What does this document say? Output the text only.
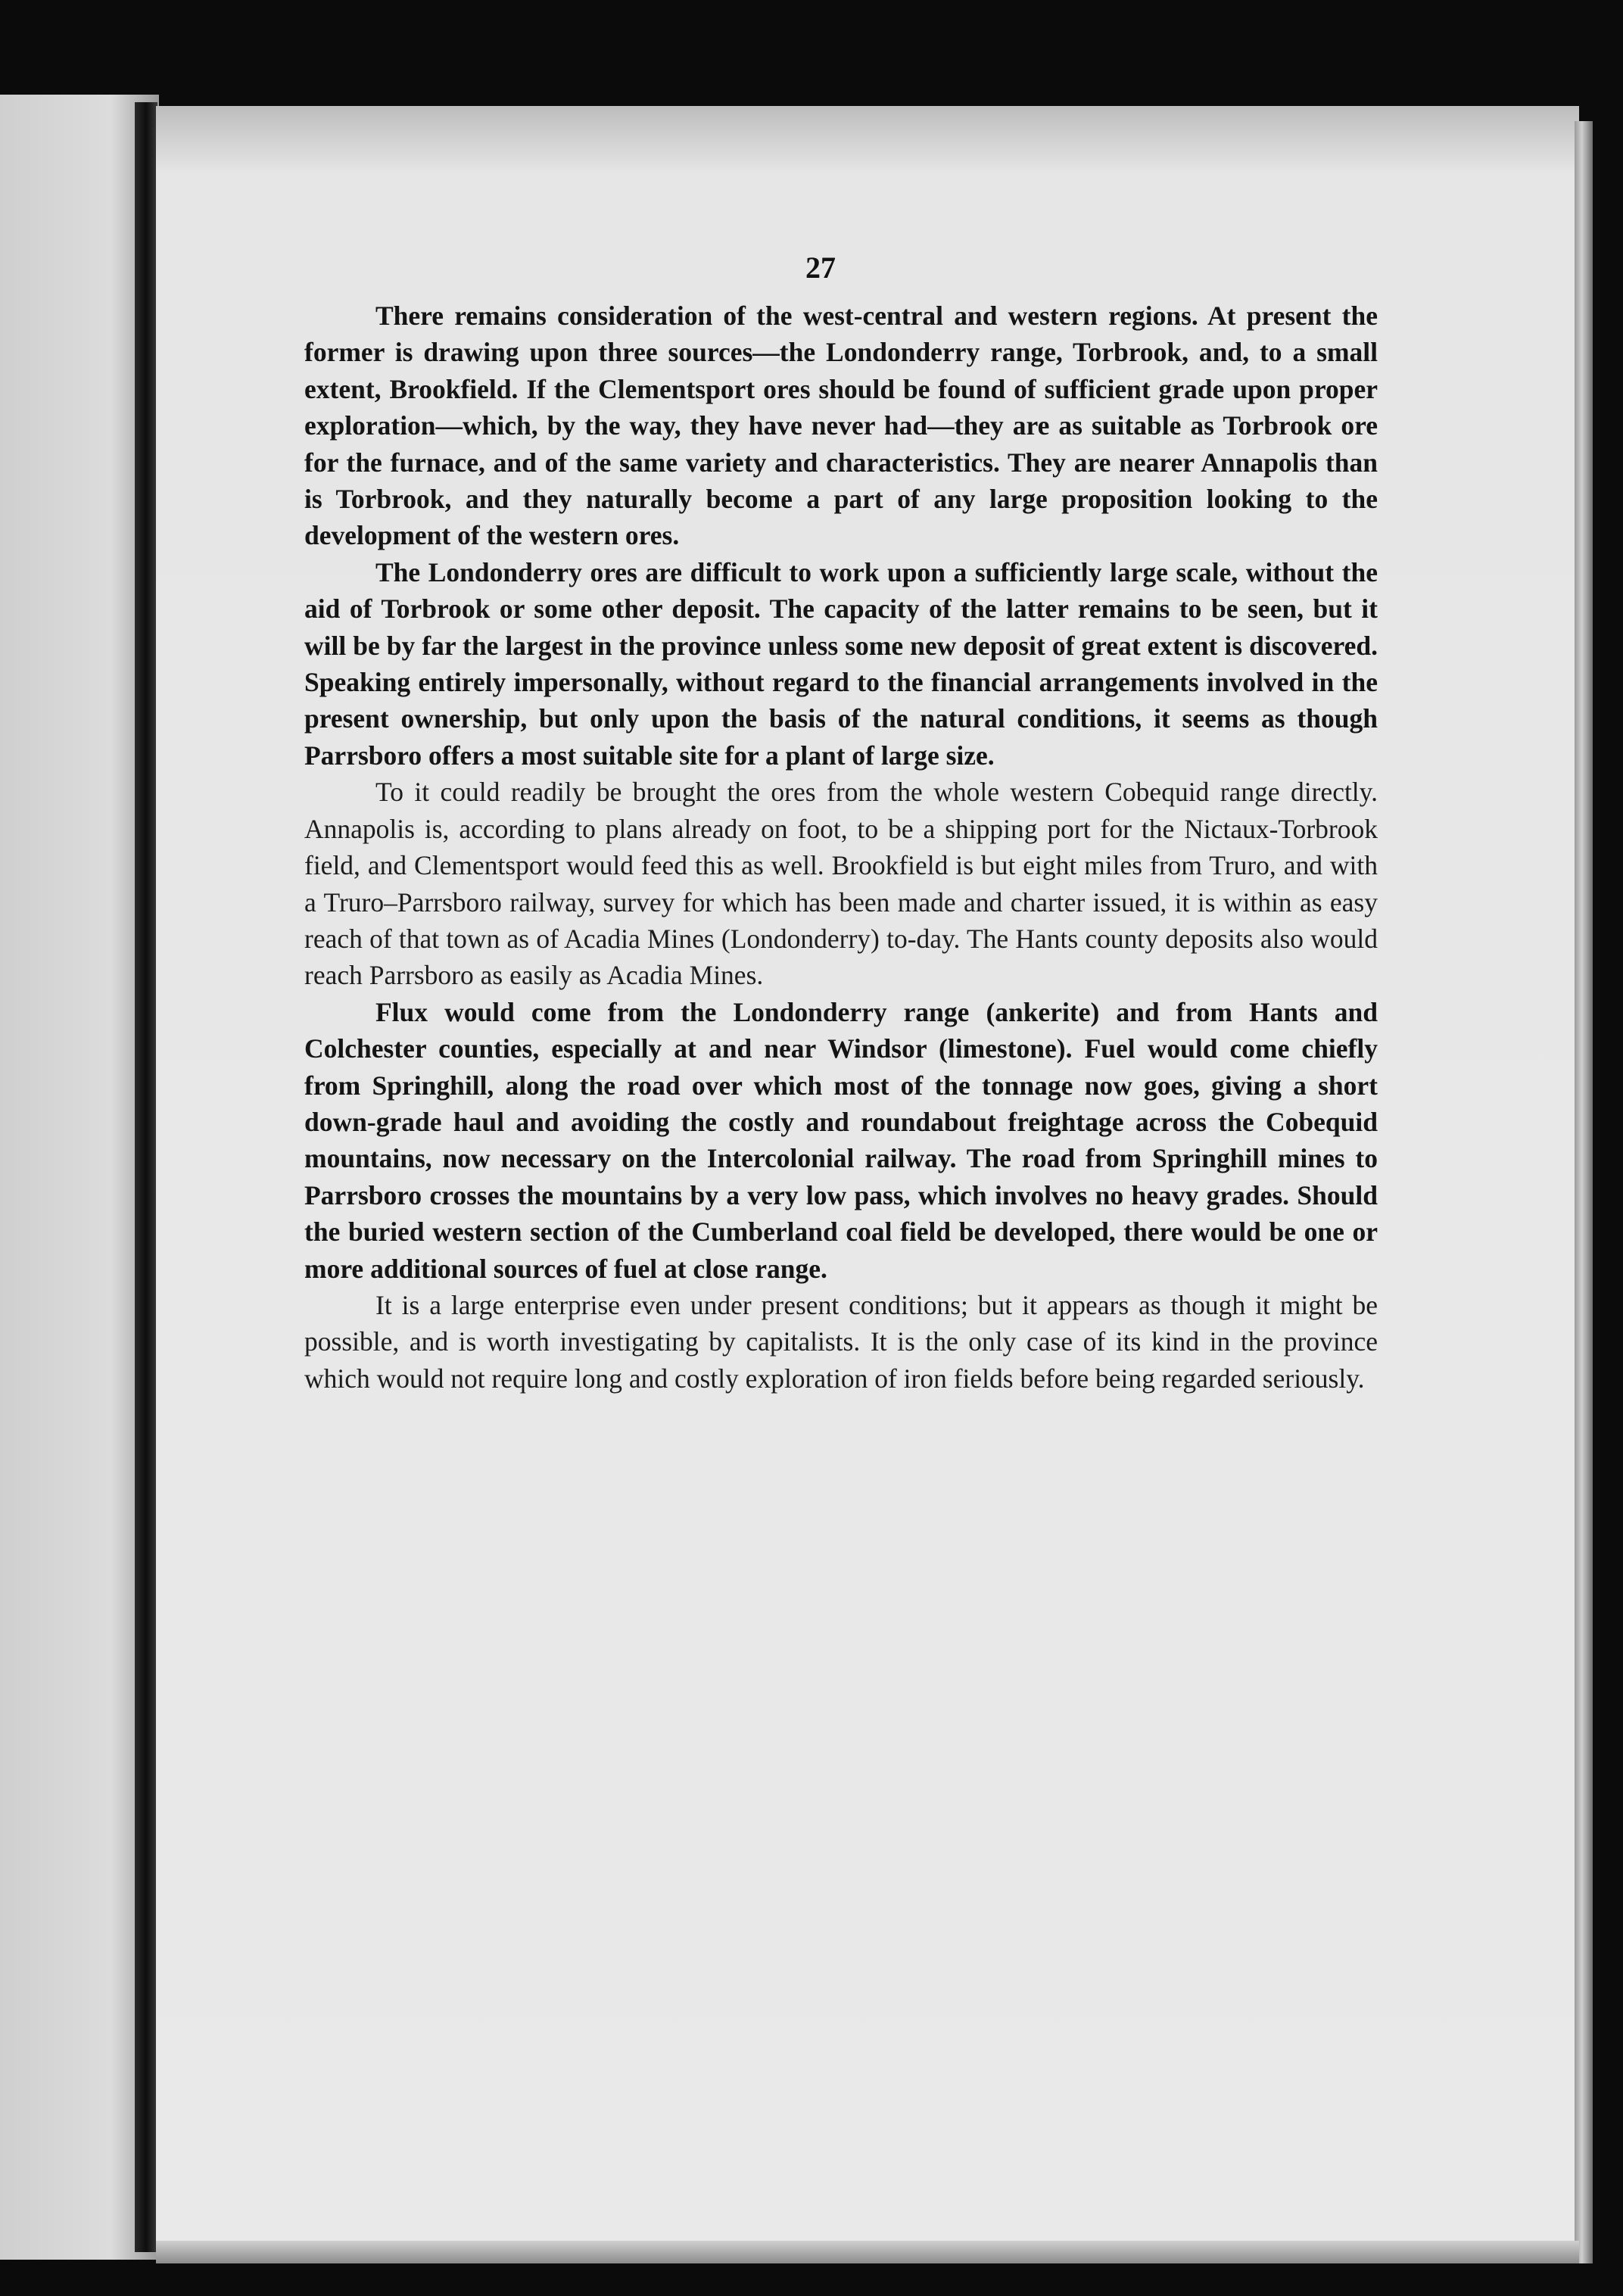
27

There remains consideration of the west-central and western regions. At present the former is drawing upon three sources—the Londonderry range, Torbrook, and, to a small extent, Brookfield. If the Clementsport ores should be found of sufficient grade upon proper exploration—which, by the way, they have never had—they are as suitable as Torbrook ore for the furnace, and of the same variety and characteristics. They are nearer Annapolis than is Torbrook, and they naturally become a part of any large proposition looking to the development of the western ores.

The Londonderry ores are difficult to work upon a sufficiently large scale, without the aid of Torbrook or some other deposit. The capacity of the latter remains to be seen, but it will be by far the largest in the province unless some new deposit of great extent is discovered. Speaking entirely impersonally, without regard to the financial arrangements involved in the present ownership, but only upon the basis of the natural conditions, it seems as though Parrsboro offers a most suitable site for a plant of large size.

To it could readily be brought the ores from the whole western Cobequid range directly. Annapolis is, according to plans already on foot, to be a shipping port for the Nictaux-Torbrook field, and Clementsport would feed this as well. Brookfield is but eight miles from Truro, and with a Truro–Parrsboro railway, survey for which has been made and charter issued, it is within as easy reach of that town as of Acadia Mines (Londonderry) to-day. The Hants county deposits also would reach Parrsboro as easily as Acadia Mines.

Flux would come from the Londonderry range (ankerite) and from Hants and Colchester counties, especially at and near Windsor (limestone). Fuel would come chiefly from Springhill, along the road over which most of the tonnage now goes, giving a short down-grade haul and avoiding the costly and roundabout freightage across the Cobequid mountains, now necessary on the Intercolonial railway. The road from Springhill mines to Parrsboro crosses the mountains by a very low pass, which involves no heavy grades. Should the buried western section of the Cumberland coal field be developed, there would be one or more additional sources of fuel at close range.

It is a large enterprise even under present conditions; but it appears as though it might be possible, and is worth investigating by capitalists. It is the only case of its kind in the province which would not require long and costly exploration of iron fields before being regarded seriously.
